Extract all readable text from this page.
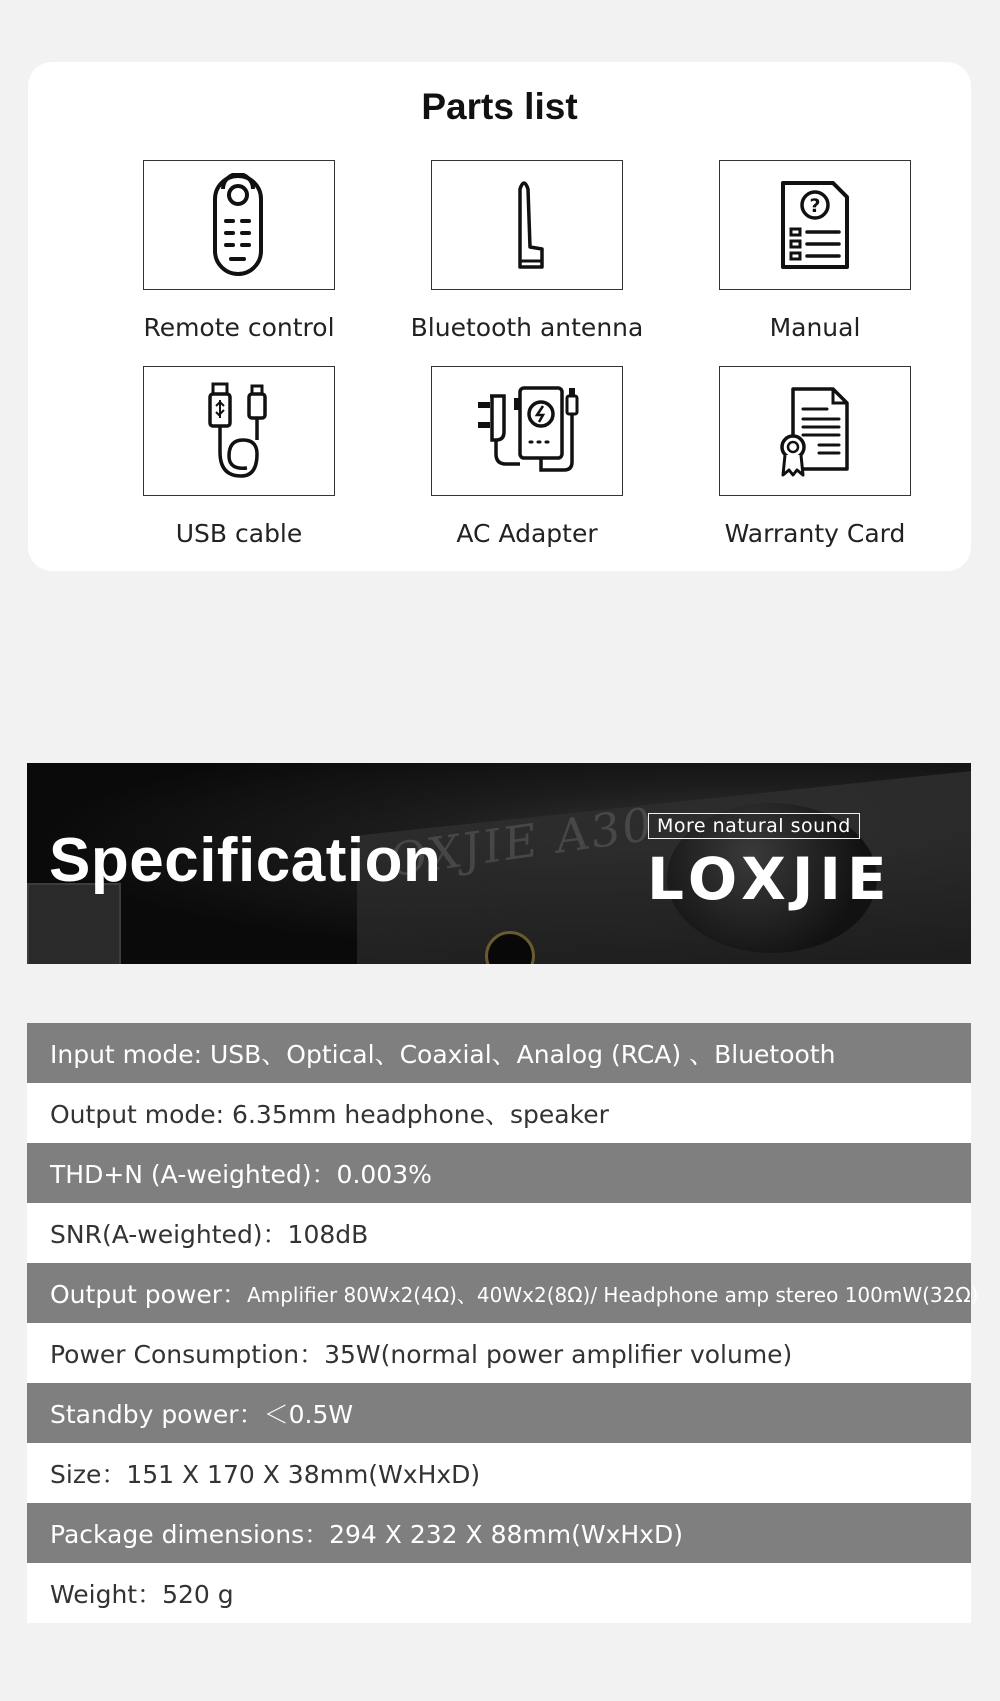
Parts list
Remote control	Bluetooth antenna
?
Manual
USB cable	AC Adapter	Warranty Card
OXJIE A30
Specification	More natural sound
LOXJIE
Input mode: USB、Optical、Coaxial、Analog (RCA) 、Bluetooth
Output mode: 6.35mm headphone、speaker
THD+N (A-weighted)：0.003%
SNR(A-weighted)：108dB
Output power： Amplifier 80Wx2(4Ω)、40Wx2(8Ω)/ Headphone amp stereo 100mW(32Ω)
Power Consumption：35W(normal power amplifier volume)
Standby power：＜0.5W
Size：151 X 170 X 38mm(WxHxD)
Package dimensions：294 X 232 X 88mm(WxHxD)
Weight：520 g
